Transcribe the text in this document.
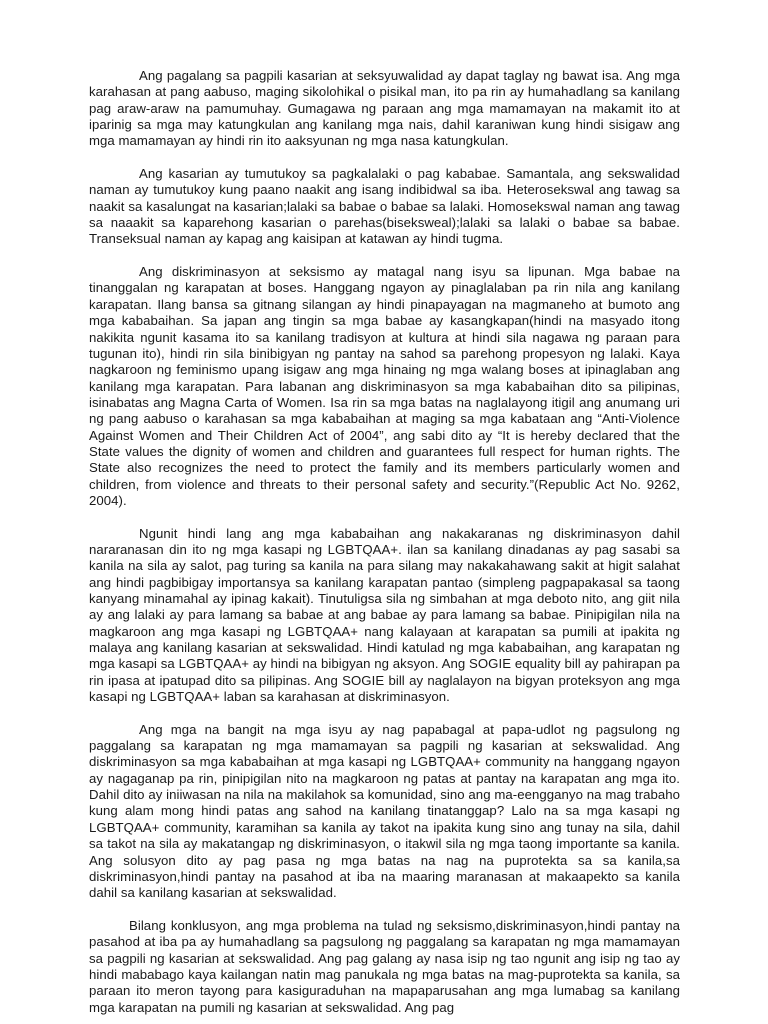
Ang pagalang sa pagpili kasarian at seksyuwalidad ay dapat taglay ng bawat isa. Ang mga karahasan at pang aabuso, maging sikolohikal o pisikal man, ito pa rin ay humahadlang sa kanilang pag araw-araw na pamumuhay. Gumagawa ng paraan ang mga mamamayan na makamit ito at iparinig sa mga may katungkulan ang kanilang mga nais, dahil karaniwan kung hindi sisigaw ang mga mamamayan ay hindi rin ito aaksyunan ng mga nasa katungkulan.

Ang kasarian ay tumutukoy sa pagkalalaki o pag kababae. Samantala, ang sekswalidad naman ay tumutukoy kung paano naakit ang isang indibidwal sa iba. Heterosekswal ang tawag sa naakit sa kasalungat na kasarian;lalaki sa babae o babae sa lalaki. Homosekswal naman ang tawag sa naaakit sa kaparehong kasarian o parehas(biseksweal);lalaki sa lalaki o babae sa babae. Transeksual naman ay kapag ang kaisipan at katawan ay hindi tugma.

Ang diskriminasyon at seksismo ay matagal nang isyu sa lipunan. Mga babae na tinanggalan ng karapatan at boses. Hanggang ngayon ay pinaglalaban pa rin nila ang kanilang karapatan. Ilang bansa sa gitnang silangan ay hindi pinapayagan na magmaneho at bumoto ang mga kababaihan. Sa japan ang tingin sa mga babae ay kasangkapan(hindi na masyado itong nakikita ngunit kasama ito sa kanilang tradisyon at kultura at hindi sila nagawa ng paraan para tugunan ito), hindi rin sila binibigyan ng pantay na sahod sa parehong propesyon ng lalaki. Kaya nagkaroon ng feminismo upang isigaw ang mga hinaing ng mga walang boses at ipinaglaban ang kanilang mga karapatan. Para labanan ang diskriminasyon sa mga kababaihan dito sa pilipinas, isinabatas ang Magna Carta of Women. Isa rin sa mga batas na naglalayong itigil ang anumang uri ng pang aabuso o karahasan sa mga kababaihan at maging sa mga kabataan ang “Anti-Violence Against Women and Their Children Act of 2004”, ang sabi dito ay “It is hereby declared that the State values the dignity of women and children and guarantees full respect for human rights. The State also recognizes the need to protect the family and its members particularly women and children, from violence and threats to their personal safety and security.”(Republic Act No. 9262, 2004).

Ngunit hindi lang ang mga kababaihan ang nakakaranas ng diskriminasyon dahil nararanasan din ito ng mga kasapi ng LGBTQAA+. ilan sa kanilang dinadanas ay pag sasabi sa kanila na sila ay salot, pag turing sa kanila na para silang may nakakahawang sakit at higit salahat ang hindi pagbibigay importansya sa kanilang karapatan pantao (simpleng pagpapakasal sa taong kanyang minamahal ay ipinag kakait). Tinutuligsa sila ng simbahan at mga deboto nito, ang giit nila ay ang lalaki ay para lamang sa babae at ang babae ay para lamang sa babae. Pinipigilan nila na magkaroon ang mga kasapi ng LGBTQAA+ nang kalayaan at karapatan sa pumili at ipakita ng malaya ang kanilang kasarian at sekswalidad. Hindi katulad ng mga kababaihan, ang karapatan ng mga kasapi sa LGBTQAA+ ay hindi na bibigyan ng aksyon. Ang SOGIE equality bill ay pahirapan pa rin ipasa at ipatupad dito sa pilipinas. Ang SOGIE bill ay naglalayon na bigyan proteksyon ang mga kasapi ng LGBTQAA+ laban sa karahasan at diskriminasyon.

Ang mga na bangit na mga isyu ay nag papabagal at papa-udlot ng pagsulong ng paggalang sa karapatan ng mga mamamayan sa pagpili ng kasarian at sekswalidad. Ang diskriminasyon sa mga kababaihan at mga kasapi ng LGBTQAA+ community na hanggang ngayon ay nagaganap pa rin, pinipigilan nito na magkaroon ng patas at pantay na karapatan ang mga ito. Dahil dito ay iniiwasan na nila na makilahok sa komunidad, sino ang ma-eengganyo na mag trabaho kung alam mong hindi patas ang sahod na kanilang tinatanggap? Lalo na sa mga kasapi ng LGBTQAA+ community, karamihan sa kanila ay takot na ipakita kung sino ang tunay na sila, dahil sa takot na sila ay makatangap ng diskriminasyon, o itakwil sila ng mga taong importante sa kanila. Ang solusyon dito ay pag pasa ng mga batas na nag na puprotekta sa sa kanila,sa diskriminasyon,hindi pantay na pasahod at iba na maaring maranasan at makaapekto sa kanila dahil sa kanilang kasarian at sekswalidad.

Bilang konklusyon, ang mga problema na tulad ng seksismo,diskriminasyon,hindi pantay na pasahod at iba pa ay humahadlang sa pagsulong ng paggalang sa karapatan ng mga mamamayan sa pagpili ng kasarian at sekswalidad. Ang pag galang ay nasa isip ng tao ngunit ang isip ng tao ay hindi mababago kaya kailangan natin mag panukala ng mga batas na mag-puprotekta sa kanila, sa paraan ito meron tayong para kasiguraduhan na mapaparusahan ang mga lumabag sa kanilang mga karapatan na pumili ng kasarian at sekswalidad. Ang pag
